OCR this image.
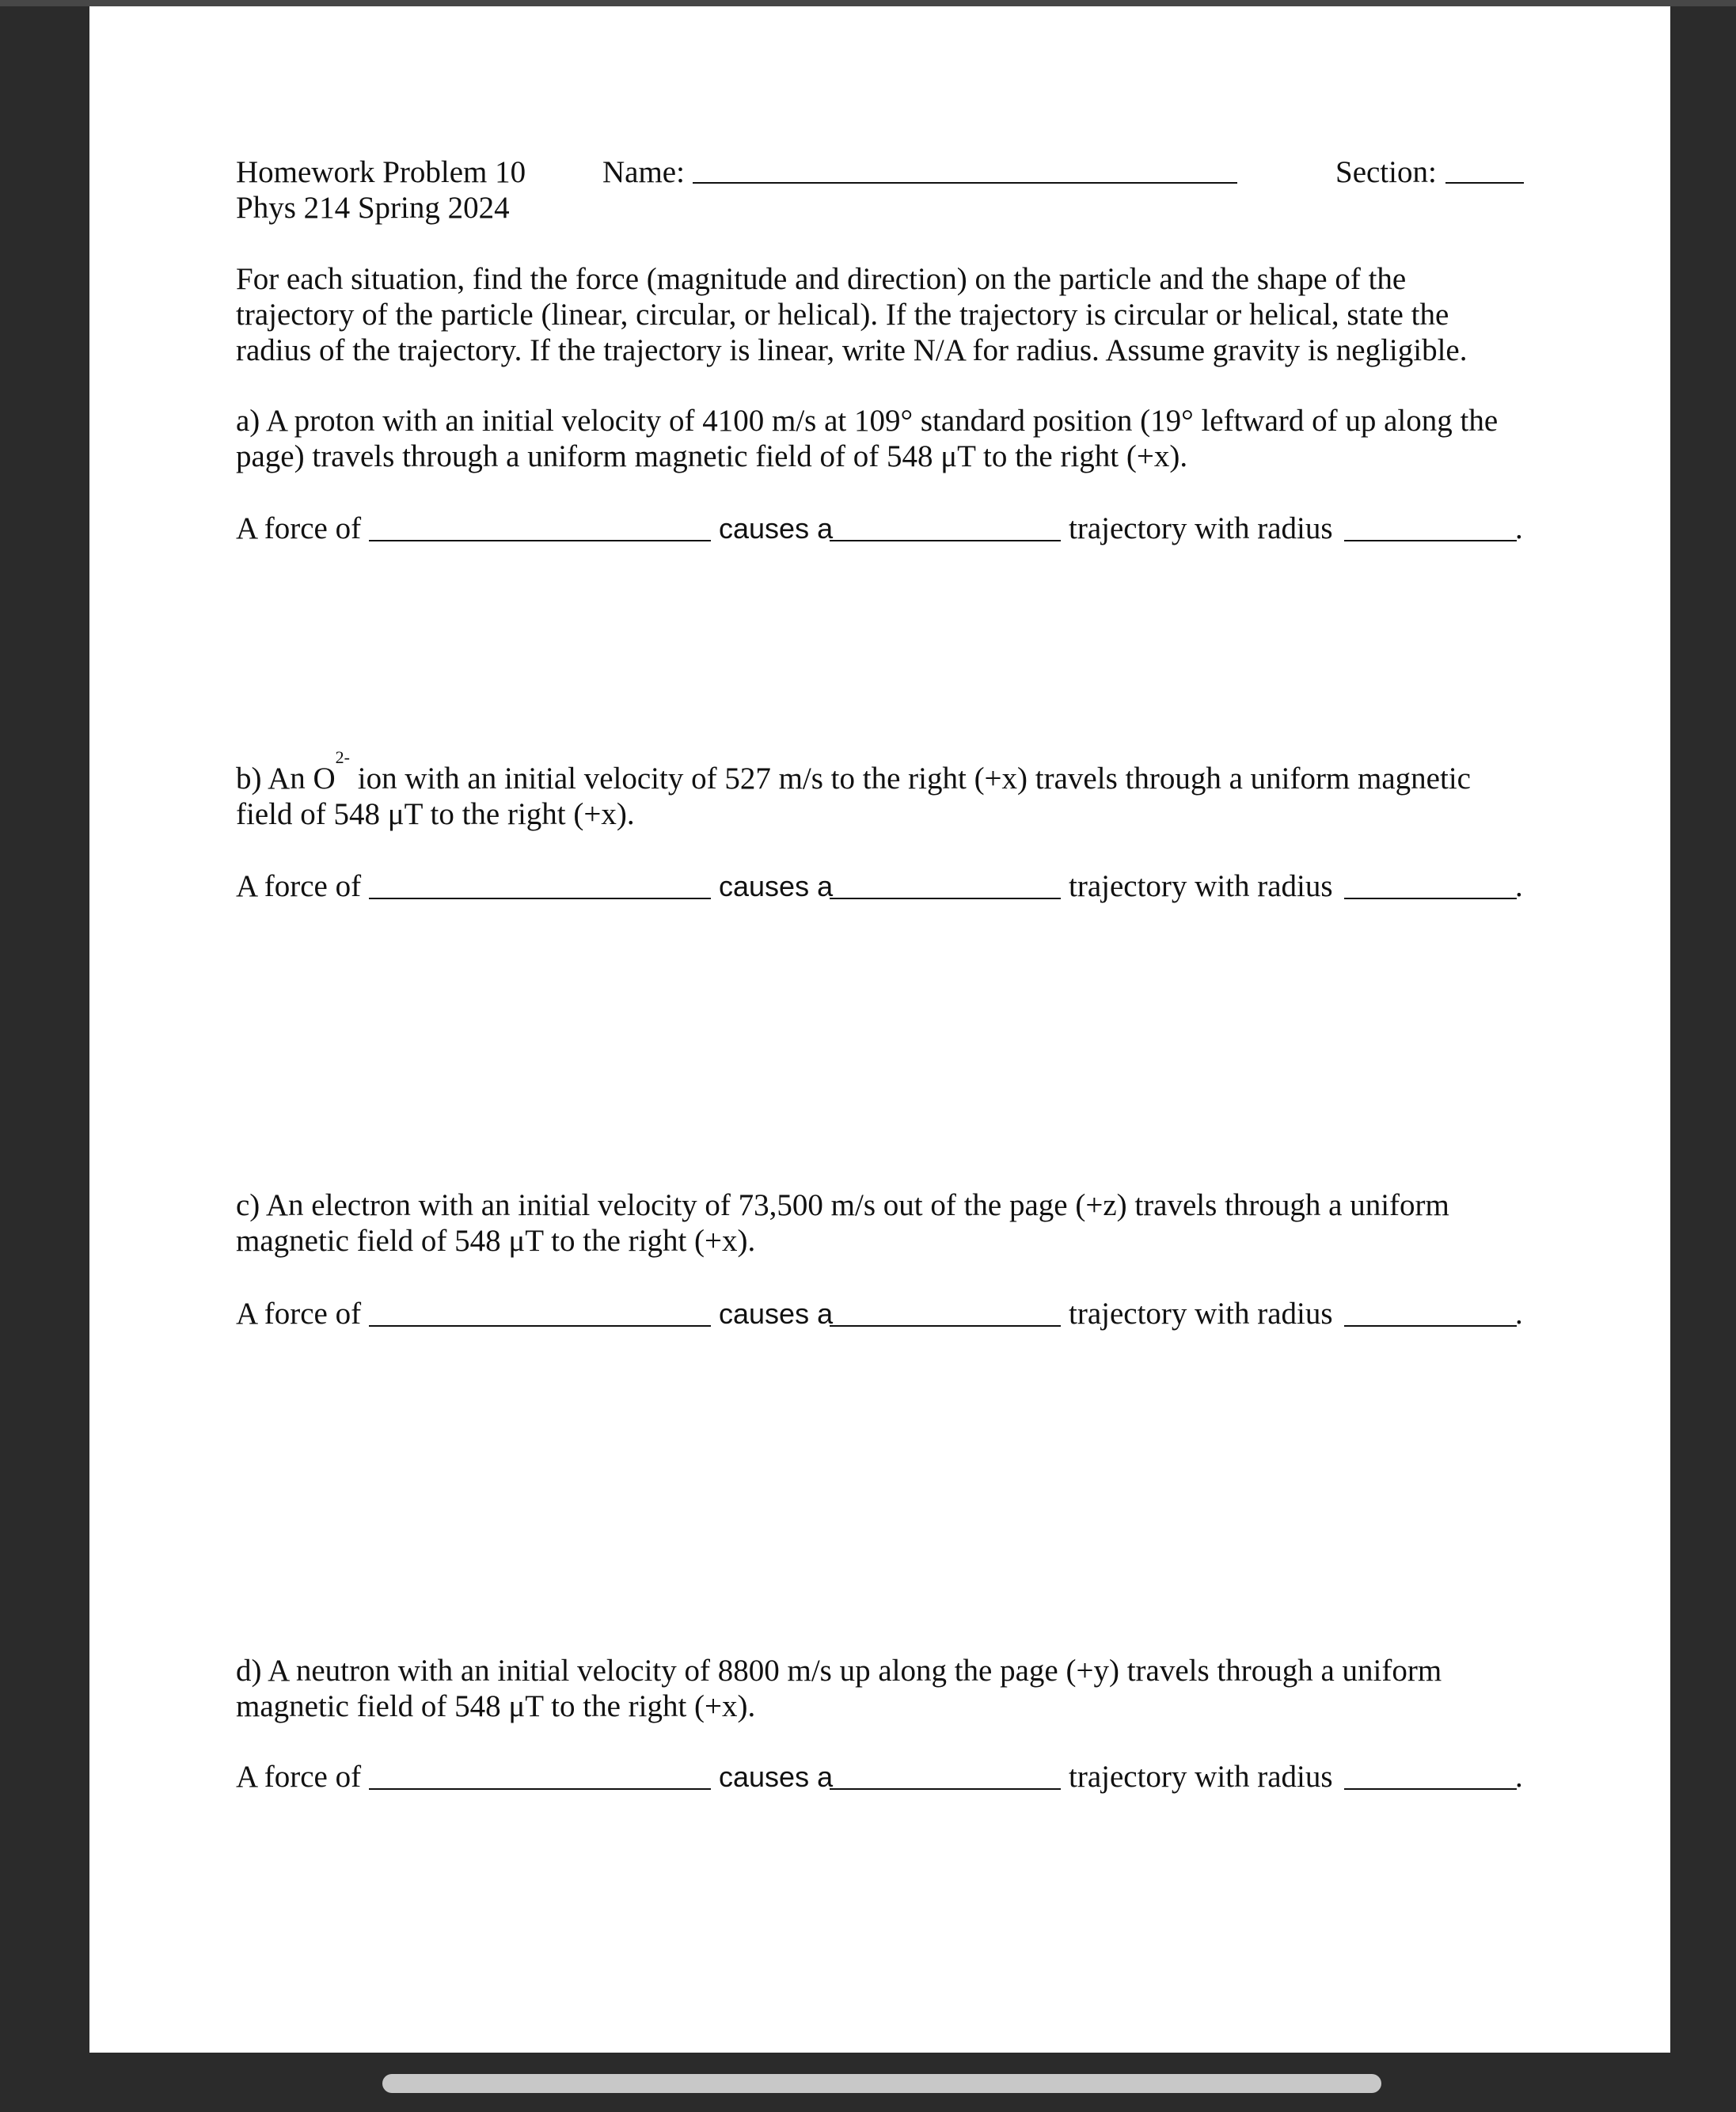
Homework Problem 10
Phys 214 Spring 2024
Name:	Section:
For each situation, find the force (magnitude and direction) on the particle and the shape of the
trajectory of the particle (linear, circular, or helical). If the trajectory is circular or helical, state the
radius of the trajectory. If the trajectory is linear, write N/A for radius. Assume gravity is negligible.
a) A proton with an initial velocity of 4100 m/s at 109° standard position (19° leftward of up along the
page) travels through a uniform magnetic field of of 548 μT to the right (+x).
A force of	causes a	trajectory with radius	.
b) An $O^{2-}$ ion with an initial velocity of 527 m/s to the right (+x) travels through a uniform magnetic
field of 548 μT to the right (+x).
A force of	causes a	trajectory with radius	.
c) An electron with an initial velocity of 73,500 m/s out of the page (+z) travels through a uniform
magnetic field of 548 μT to the right (+x).
A force of	causes a	trajectory with radius	.
d) A neutron with an initial velocity of 8800 m/s up along the page (+y) travels through a uniform
magnetic field of 548 μT to the right (+x).
A force of	causes a	trajectory with radius	.
